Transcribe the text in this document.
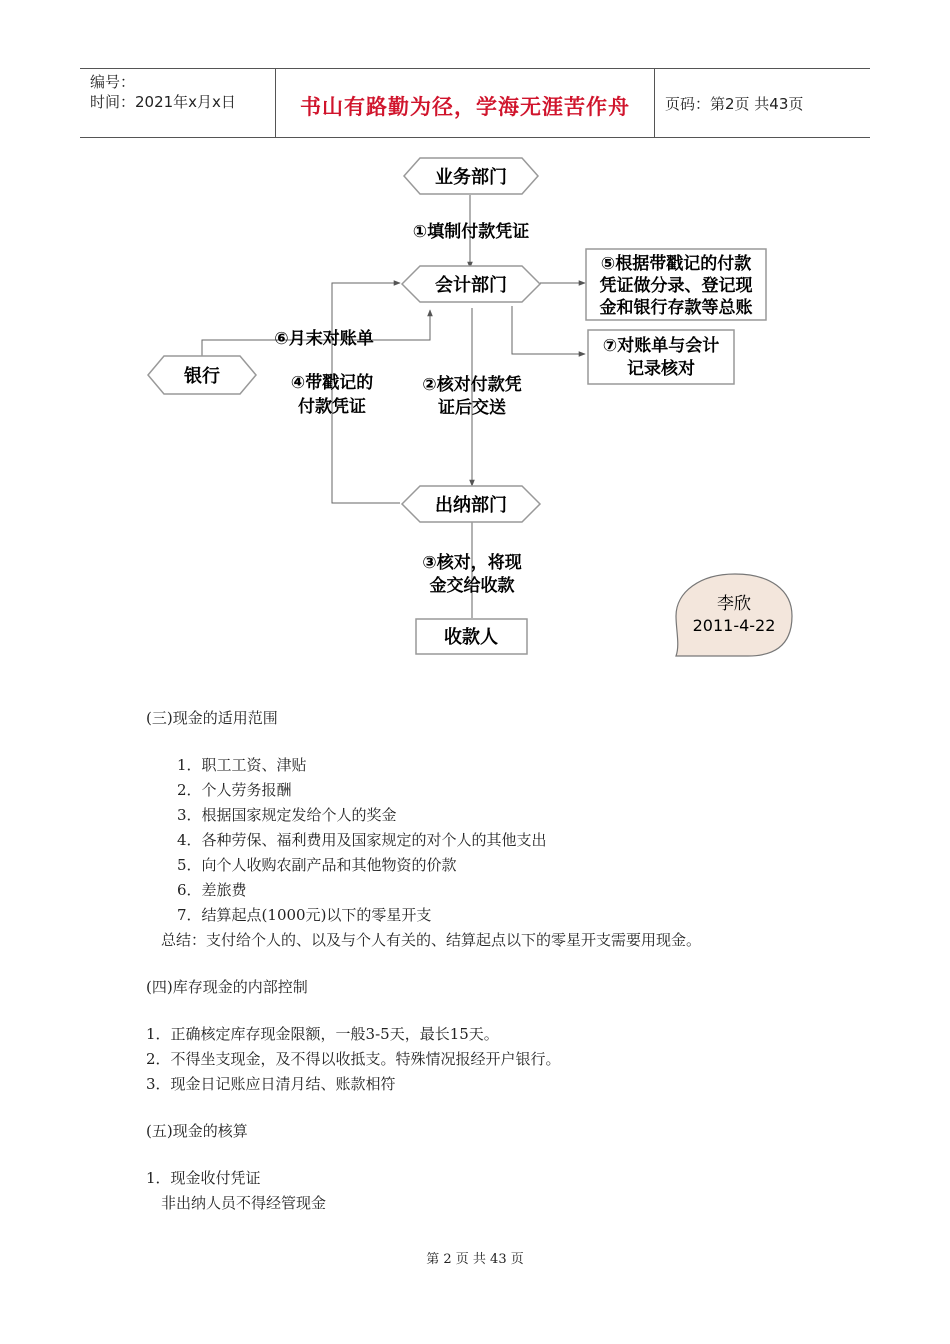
编号：
时间：2021年x月x日	书山有路勤为径，学海无涯苦作舟	页码：第2页 共43页
业务部门
会计部门
银行
出纳部门
收款人
⑤根据带戳记的付款
凭证做分录、登记现
金和银行存款等总账
⑦对账单与会计
记录核对
①填制付款凭证
⑥月末对账单
④带戳记的
付款凭证
②核对付款凭
证后交送
③核对，将现
金交给收款
李欣
2011-4-22
(三)现金的适用范围
1．职工工资、津贴
2．个人劳务报酬
3．根据国家规定发给个人的奖金
4．各种劳保、福利费用及国家规定的对个人的其他支出
5．向个人收购农副产品和其他物资的价款
6．差旅费
7．结算起点(1000元)以下的零星开支
总结：支付给个人的、以及与个人有关的、结算起点以下的零星开支需要用现金。
(四)库存现金的内部控制
1．正确核定库存现金限额，一般3-5天，最长15天。
2．不得坐支现金，及不得以收抵支。特殊情况报经开户银行。
3．现金日记账应日清月结、账款相符
(五)现金的核算
1．现金收付凭证
非出纳人员不得经管现金
第 2 页 共 43 页
